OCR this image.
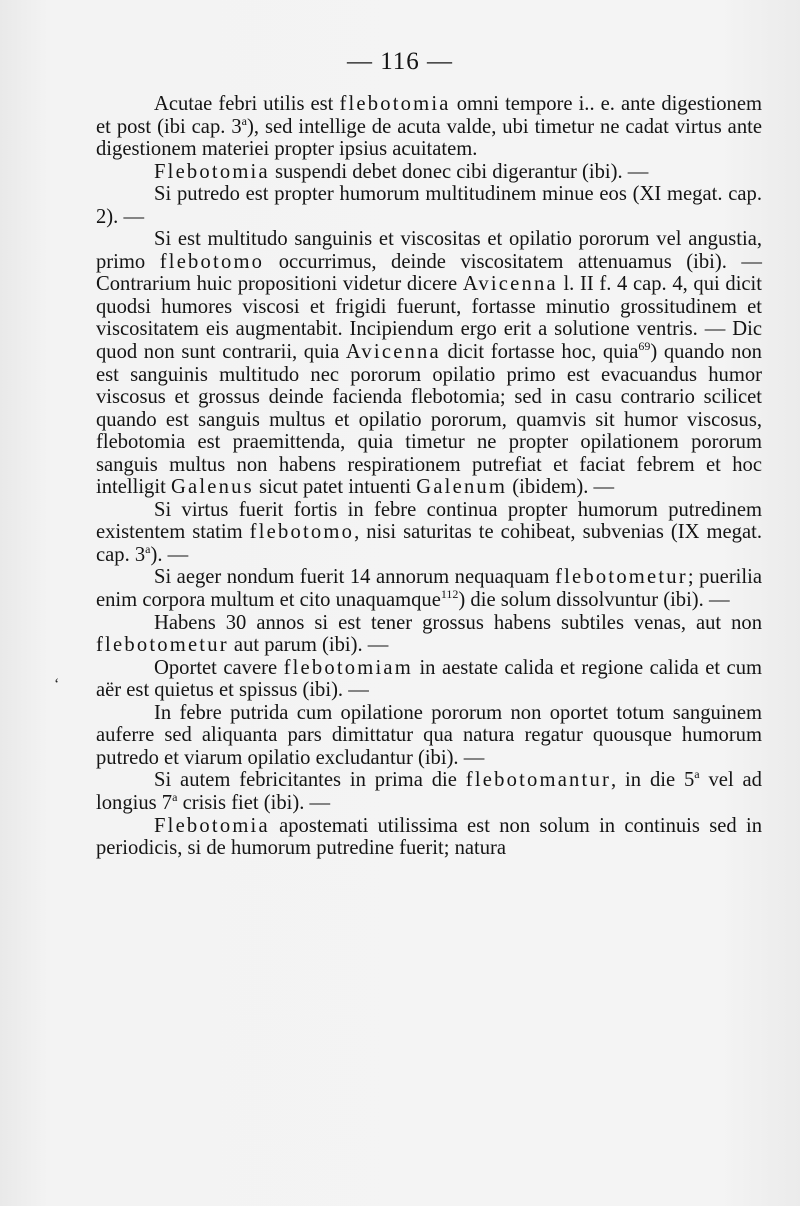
— 116 —
‘

Acutae febri utilis est flebotomia omni tempore i.. e. ante digestionem et post (ibi cap. 3$^a$), sed intellige de acuta valde, ubi timetur ne cadat virtus ante digestionem materiei propter ipsius acuitatem.

Flebotomia suspendi debet donec cibi digerantur (ibi). —

Si putredo est propter humorum multitudinem minue eos (XI megat. cap. 2). —

Si est multitudo sanguinis et viscositas et opilatio pororum vel angustia, primo flebotomo occurrimus, deinde viscositatem attenuamus (ibi). — Contrarium huic propositioni videtur dicere Avicenna l. II f. 4 cap. 4, qui dicit quodsi humores viscosi et frigidi fuerunt, fortasse minutio grossitudinem et viscositatem eis augmentabit. Incipiendum ergo erit a solutione ventris. — Dic quod non sunt contrarii, quia Avicenna dicit fortasse hoc, quia$^{69}$) quando non est sanguinis multitudo nec pororum opilatio primo est evacuandus humor viscosus et grossus deinde facienda flebotomia; sed in casu contrario scilicet quando est sanguis multus et opilatio pororum, quamvis sit humor viscosus, flebotomia est praemittenda, quia timetur ne propter opilationem pororum sanguis multus non habens respirationem putrefiat et faciat febrem et hoc intelligit Galenus sicut patet intuenti Galenum (ibidem). —

Si virtus fuerit fortis in febre continua propter humorum putredinem existentem statim flebotomo, nisi saturitas te cohibeat, subvenias (IX megat. cap. 3$^a$). —

Si aeger nondum fuerit 14 annorum nequaquam flebotometur; puerilia enim corpora multum et cito unaquamque$^{112}$) die solum dissolvuntur (ibi). —

Habens 30 annos si est tener grossus habens subtiles venas, aut non flebotometur aut parum (ibi). —

Oportet cavere flebotomiam in aestate calida et regione calida et cum aër est quietus et spissus (ibi). —

In febre putrida cum opilatione pororum non oportet totum sanguinem auferre sed aliquanta pars dimittatur qua natura regatur quousque humorum putredo et viarum opilatio excludantur (ibi). —

Si autem febricitantes in prima die flebotomantur, in die 5$^a$ vel ad longius 7$^a$ crisis fiet (ibi). —

Flebotomia apostemati utilissima est non solum in continuis sed in periodicis, si de humorum putredine fuerit; natura
